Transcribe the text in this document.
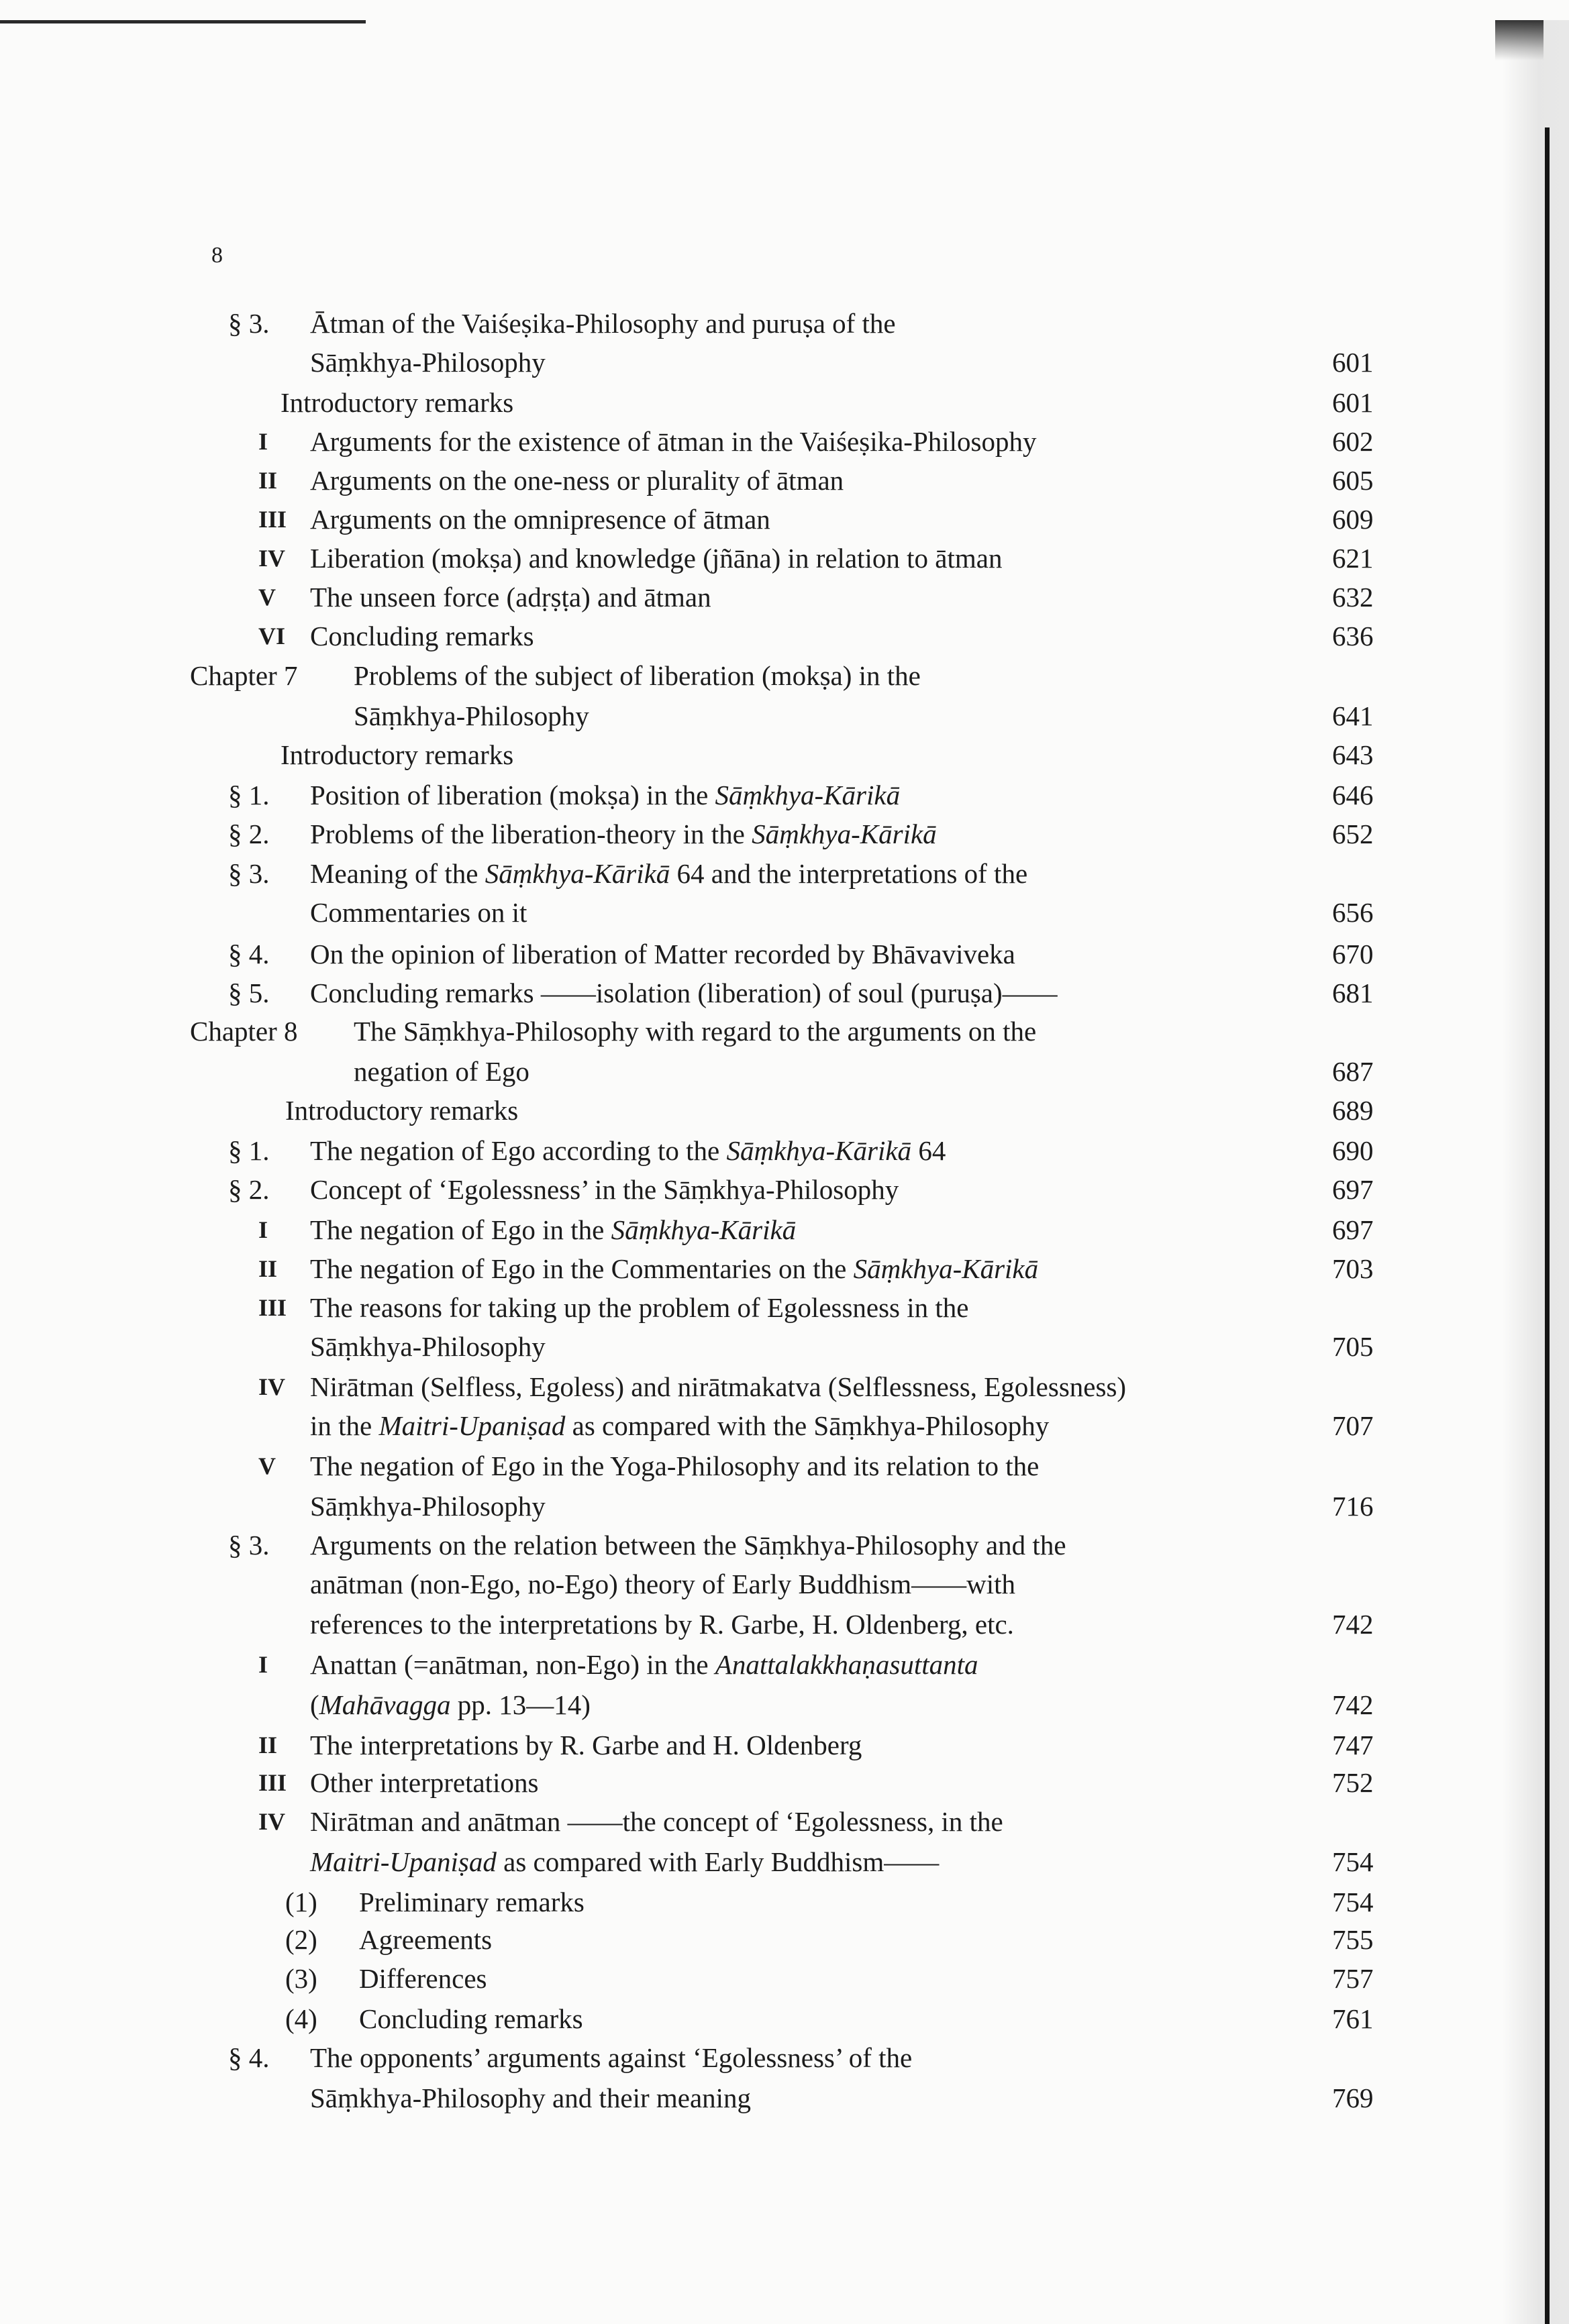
8
§ 3. Ātman of the Vaiśeṣika-Philosophy and puruṣa of the
Sāṃkhya-Philosophy	601
Introductory remarks	601
I Arguments for the existence of ātman in the Vaiśeṣika-Philosophy	602
II Arguments on the one-ness or plurality of ātman	605
III Arguments on the omnipresence of ātman	609
IV Liberation (mokṣa) and knowledge (jñāna) in relation to ātman	621
V The unseen force (adṛṣṭa) and ātman	632
VI Concluding remarks	636
Chapter 7 Problems of the subject of liberation (mokṣa) in the
Sāṃkhya-Philosophy	641
Introductory remarks	643
§ 1. Position of liberation (mokṣa) in the Sāṃkhya-Kārikā	646
§ 2. Problems of the liberation-theory in the Sāṃkhya-Kārikā	652
§ 3. Meaning of the Sāṃkhya-Kārikā 64 and the interpretations of the
Commentaries on it	656
§ 4. On the opinion of liberation of Matter recorded by Bhāvaviveka	670
§ 5. Concluding remarks ——isolation (liberation) of soul (puruṣa)——	681
Chapter 8 The Sāṃkhya-Philosophy with regard to the arguments on the
negation of Ego	687
Introductory remarks	689
§ 1. The negation of Ego according to the Sāṃkhya-Kārikā 64	690
§ 2. Concept of ‘Egolessness’ in the Sāṃkhya-Philosophy	697
I The negation of Ego in the Sāṃkhya-Kārikā	697
II The negation of Ego in the Commentaries on the Sāṃkhya-Kārikā	703
III The reasons for taking up the problem of Egolessness in the
Sāṃkhya-Philosophy	705
IV Nirātman (Selfless, Egoless) and nirātmakatva (Selflessness, Egolessness)
in the Maitri-Upaniṣad as compared with the Sāṃkhya-Philosophy	707
V The negation of Ego in the Yoga-Philosophy and its relation to the
Sāṃkhya-Philosophy	716
§ 3. Arguments on the relation between the Sāṃkhya-Philosophy and the
anātman (non-Ego, no-Ego) theory of Early Buddhism——with
references to the interpretations by R. Garbe, H. Oldenberg, etc.	742
I Anattan (=anātman, non-Ego) in the Anattalakkhaṇasuttanta
(Mahāvagga pp. 13—14)	742
II The interpretations by R. Garbe and H. Oldenberg	747
III Other interpretations	752
IV Nirātman and anātman ——the concept of ‘Egolessness, in the
Maitri-Upaniṣad as compared with Early Buddhism——	754
(1) Preliminary remarks	754
(2) Agreements	755
(3) Differences	757
(4) Concluding remarks	761
§ 4. The opponents’ arguments against ‘Egolessness’ of the
Sāṃkhya-Philosophy and their meaning	769
